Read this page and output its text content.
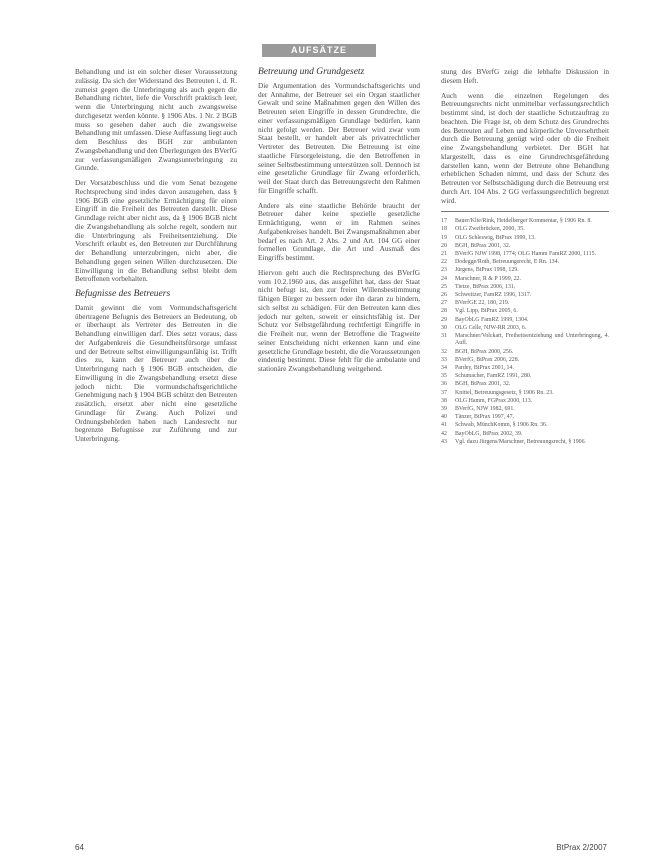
AUFSÄTZE

Behandlung und ist ein solcher dieser Voraussetzung zulässig. Da sich der Widerstand des Betreuten i. d. R. zumeist gegen die Unterbringung als auch gegen die Behandlung richtet, liefe die Vorschrift praktisch leer, wenn die Unterbringung nicht auch zwangsweise durchgesetzt werden könnte. § 1906 Abs. 1 Nr. 2 BGB muss so gesehen daher auch die zwangsweise Behandlung mit umfassen. Diese Auffassung liegt auch dem Beschluss des BGH zur ambulanten Zwangsbehandlung und den Überlegungen des BVerfG zur verfassungsmäßigen Zwangsunterbringung zu Grunde.

Der Vorsatzbeschluss und die vom Senat bezogene Rechtsprechung sind indes davon auszugehen, dass § 1906 BGB eine gesetzliche Ermächtigung für einen Eingriff in die Freiheit des Betreuten darstellt. Diese Grundlage reicht aber nicht aus, da § 1906 BGB nicht die Zwangsbehandlung als solche regelt, sondern nur die Unterbringung als Freiheitsentziehung. Die Vorschrift erlaubt es, den Betreuten zur Durchführung der Behandlung unterzubringen, nicht aber, die Behandlung gegen seinen Willen durchzusetzen. Die Einwilligung in die Behandlung selbst bleibt dem Betroffenen vorbehalten.

Befugnisse des Betreuers

Damit gewinnt die vom Vormundschaftsgericht übertragene Befugnis des Betreuers an Bedeutung, ob er überhaupt als Vertreter des Betreuten in die Behandlung einwilligen darf. Dies setzt voraus, dass der Aufgabenkreis die Gesundheitsfürsorge umfasst und der Betreute selbst einwilligungsunfähig ist. Trifft dies zu, kann der Betreuer auch über die Unterbringung nach § 1906 BGB entscheiden, die Einwilligung in die Zwangsbehandlung ersetzt diese jedoch nicht. Die vormundschaftsgerichtliche Genehmigung nach § 1904 BGB schützt den Betreuten zusätzlich, ersetzt aber nicht eine gesetzliche Grundlage für Zwang. Auch Polizei und Ordnungsbehörden haben nach Landesrecht nur begrenzte Befugnisse zur Zuführung und zur Unterbringung.

Betreuung und Grundgesetz

Die Argumentation des Vormundschaftsgerichts und der Annahme, der Betreuer sei ein Organ staatlicher Gewalt und seine Maßnahmen gegen den Willen des Betreuten seien Eingriffe in dessen Grundrechte, die einer verfassungsmäßigen Grundlage bedürfen, kann nicht gefolgt werden. Der Betreuer wird zwar vom Staat bestellt, er handelt aber als privatrechtlicher Vertreter des Betreuten. Die Betreuung ist eine staatliche Fürsorgeleistung, die den Betroffenen in seiner Selbstbestimmung unterstützen soll. Dennoch ist eine gesetzliche Grundlage für Zwang erforderlich, weil der Staat durch das Betreuungsrecht den Rahmen für Eingriffe schafft.

Andere als eine staatliche Behörde braucht der Betreuer daher keine spezielle gesetzliche Ermächtigung, wenn er im Rahmen seines Aufgabenkreises handelt. Bei Zwangsmaßnahmen aber bedarf es nach Art. 2 Abs. 2 und Art. 104 GG einer formellen Grundlage, die Art und Ausmaß des Eingriffs bestimmt.

Hiervon geht auch die Rechtsprechung des BVerfG vom 10.2.1960 aus, das ausgeführt hat, dass der Staat nicht befugt ist, den zur freien Willensbestimmung fähigen Bürger zu bessern oder ihn daran zu hindern, sich selbst zu schädigen. Für den Betreuten kann dies jedoch nur gelten, soweit er einsichtsfähig ist. Der Schutz vor Selbstgefährdung rechtfertigt Eingriffe in die Freiheit nur, wenn der Betroffene die Tragweite seiner Entscheidung nicht erkennen kann und eine gesetzliche Grundlage besteht, die die Voraussetzungen eindeutig bestimmt. Diese fehlt für die ambulante und stationäre Zwangsbehandlung weitgehend.

stung des BVerfG zeigt die lebhafte Diskussion in diesem Heft.

Auch wenn die einzelnen Regelungen des Betreuungsrechts nicht unmittelbar verfassungsrechtlich bestimmt sind, ist doch der staatliche Schutzauftrag zu beachten. Die Frage ist, ob dem Schutz des Grundrechts des Betreuten auf Leben und körperliche Unversehrtheit durch die Betreuung genügt wird oder ob die Freiheit eine Zwangsbehandlung verbietet. Der BGH hat klargestellt, dass es eine Grundrechtsgefährdung darstellen kann, wenn der Betreute ohne Behandlung erheblichen Schaden nimmt, und dass der Schutz des Betreuten vor Selbstschädigung durch die Betreuung erst durch Art. 104 Abs. 2 GG verfassungsrechtlich begrenzt wird.

17	Bauer/Klie/Rink, Heidelberger Kommentar, § 1906 Rn. 8.
18	OLG Zweibrücken, 2000, 35.
19	OLG Schleswig, BtPrax 1999, 13.
20	BGH, BtPrax 2001, 32.
21	BVerfG NJW 1998, 1774; OLG Hamm FamRZ 2000, 1115.
22	Dodegge/Roth, Betreuungsrecht, E Rn. 134.
23	Jürgens, BtPrax 1998, 129.
24	Marschner, R & P 1999, 22.
25	Tietze, BtPrax 2006, 131.
26	Schweitzer, FamRZ 1996, 1317.
27	BVerfGE 22, 180, 219.
28	Vgl. Lipp, BtPrax 2005, 6.
29	BayObLG FamRZ 1999, 1304.
30	OLG Celle, NJW-RR 2003, 6.
31	Marschner/Volckart, Freiheitsentziehung und Unterbringung, 4. Aufl.
32	BGH, BtPrax 2000, 256.
33	BVerfG, BtPrax 2006, 228.
34	Pardey, BtPrax 2001, 14.
35	Schumacher, FamRZ 1991, 280.
36	BGH, BtPrax 2001, 32.
37	Knittel, Betreuungsgesetz, § 1906 Rn. 23.
38	OLG Hamm, FGPrax 2000, 113.
39	BVerfG, NJW 1982, 691.
40	Tänzer, BtPrax 1997, 47.
41	Schwab, MünchKomm, § 1906 Rn. 36.
42	BayObLG, BtPrax 2002, 39.
43	Vgl. dazu Jürgens/Marschner, Betreuungsrecht, § 1906.
64	BtPrax 2/2007
